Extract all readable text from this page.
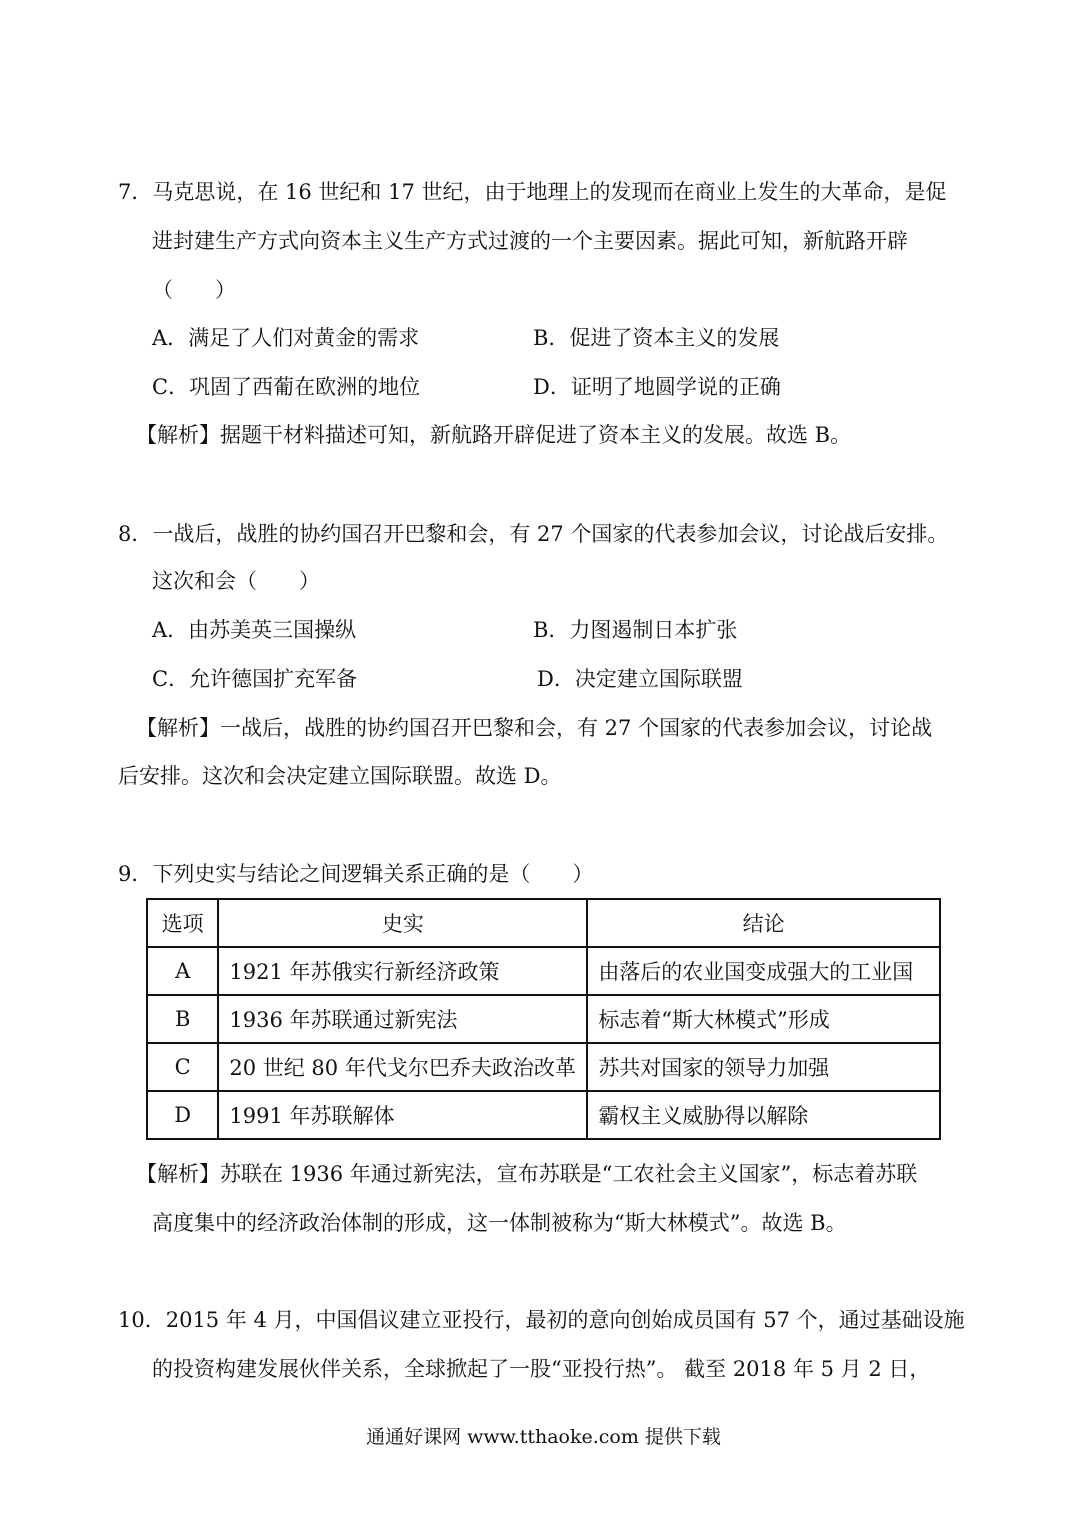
7．马克思说，在 16 世纪和 17 世纪，由于地理上的发现而在商业上发生的大革命，是促
进封建生产方式向资本主义生产方式过渡的一个主要因素。据此可知，新航路开辟
（　　）
A．满足了人们对黄金的需求	B．促进了资本主义的发展
C．巩固了西葡在欧洲的地位	D．证明了地圆学说的正确
【解析】据题干材料描述可知，新航路开辟促进了资本主义的发展。故选 B。
8．一战后，战胜的协约国召开巴黎和会，有 27 个国家的代表参加会议，讨论战后安排。
这次和会（　　）
A．由苏美英三国操纵	B．力图遏制日本扩张
C．允许德国扩充军备	D．决定建立国际联盟
【解析】一战后，战胜的协约国召开巴黎和会，有 27 个国家的代表参加会议，讨论战
后安排。这次和会决定建立国际联盟。故选 D。
9．下列史实与结论之间逻辑关系正确的是（　　）
选项	史实	结论
A	1921 年苏俄实行新经济政策	由落后的农业国变成强大的工业国
B	1936 年苏联通过新宪法	标志着“斯大林模式”形成
C	20 世纪 80 年代戈尔巴乔夫政治改革	苏共对国家的领导力加强
D	1991 年苏联解体	霸权主义威胁得以解除
【解析】苏联在 1936 年通过新宪法，宣布苏联是“工农社会主义国家”，标志着苏联
高度集中的经济政治体制的形成，这一体制被称为“斯大林模式”。故选 B。
10．2015 年 4 月，中国倡议建立亚投行，最初的意向创始成员国有 57 个，通过基础设施
的投资构建发展伙伴关系，全球掀起了一股“亚投行热”。 截至 2018 年 5 月 2 日，
通通好课网 www.tthaoke.com 提供下载
